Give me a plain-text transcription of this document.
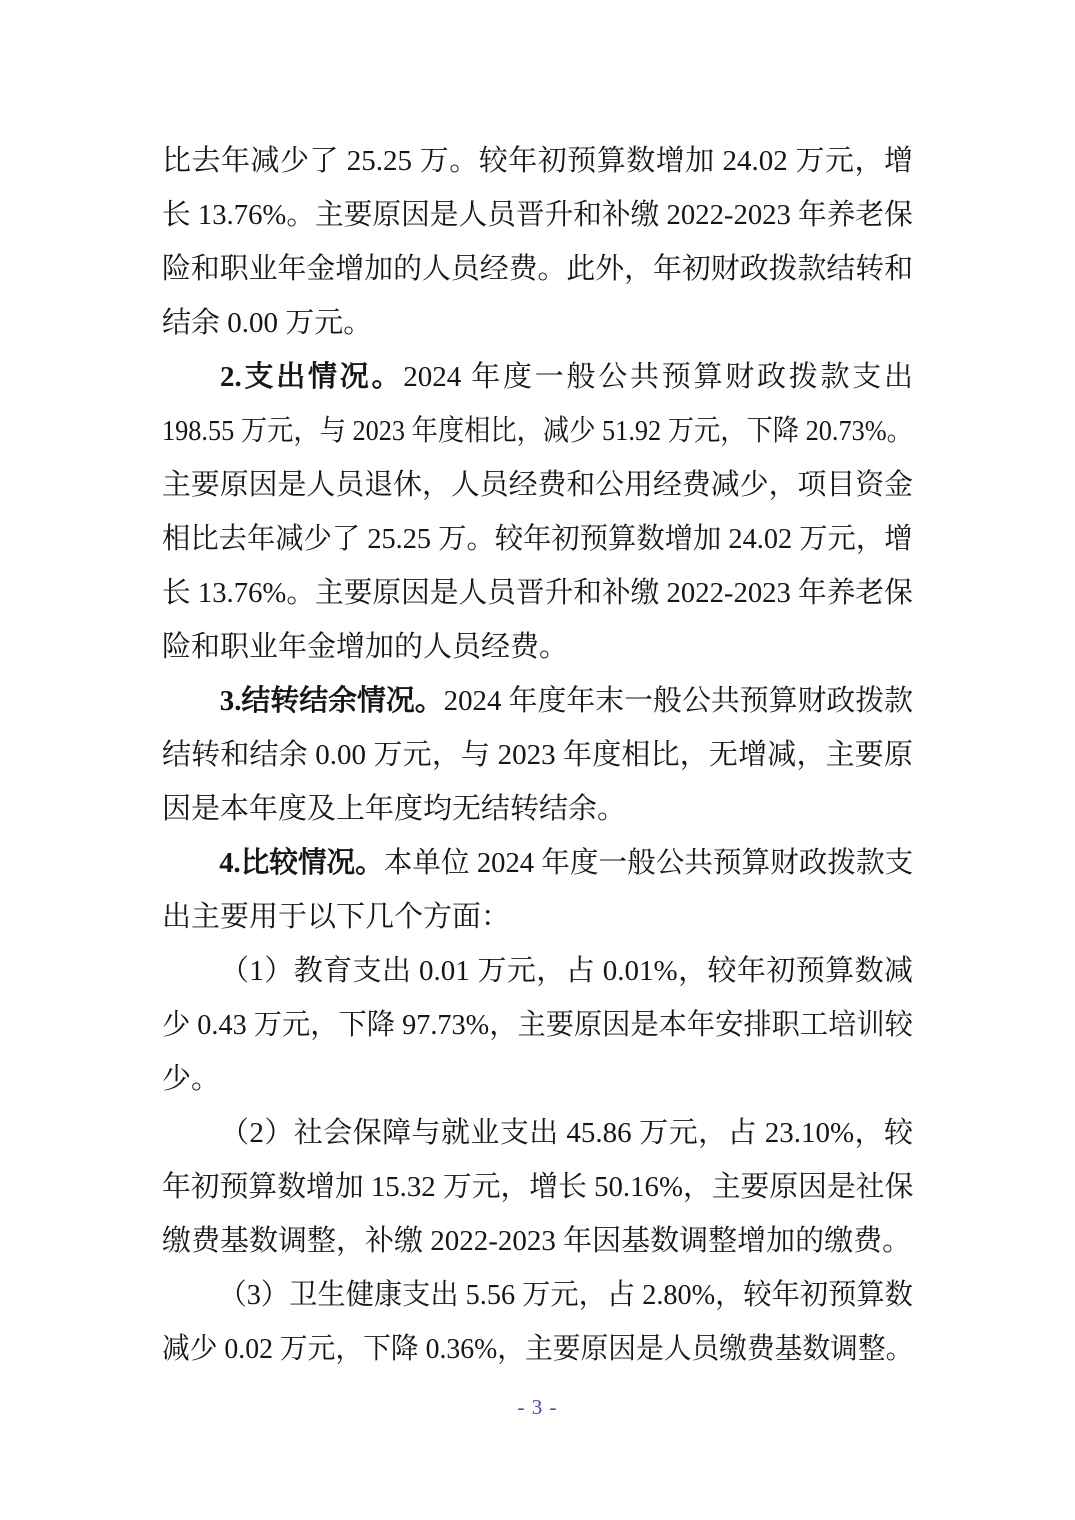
比去年减少了 25.25 万。较年初预算数增加 24.02 万元，增
长 13.76%。主要原因是人员晋升和补缴 2022-2023 年养老保
险和职业年金增加的人员经费。此外，年初财政拨款结转和
结余 0.00 万元。
2.支出情况。2024 年度一般公共预算财政拨款支出
198.55 万元，与 2023 年度相比，减少 51.92 万元，下降 20.73%。
主要原因是人员退休，人员经费和公用经费减少，项目资金
相比去年减少了 25.25 万。较年初预算数增加 24.02 万元，增
长 13.76%。主要原因是人员晋升和补缴 2022-2023 年养老保
险和职业年金增加的人员经费。
3.结转结余情况。2024 年度年末一般公共预算财政拨款
结转和结余 0.00 万元，与 2023 年度相比，无增减，主要原
因是本年度及上年度均无结转结余。
4.比较情况。本单位 2024 年度一般公共预算财政拨款支
出主要用于以下几个方面：
（1）教育支出 0.01 万元，占 0.01%，较年初预算数减
少 0.43 万元，下降 97.73%，主要原因是本年安排职工培训较
少。
（2）社会保障与就业支出 45.86 万元，占 23.10%，较
年初预算数增加 15.32 万元，增长 50.16%，主要原因是社保
缴费基数调整，补缴 2022-2023 年因基数调整增加的缴费。
（3）卫生健康支出 5.56 万元，占 2.80%，较年初预算数
减少 0.02 万元，下降 0.36%，主要原因是人员缴费基数调整。
- 3 -
